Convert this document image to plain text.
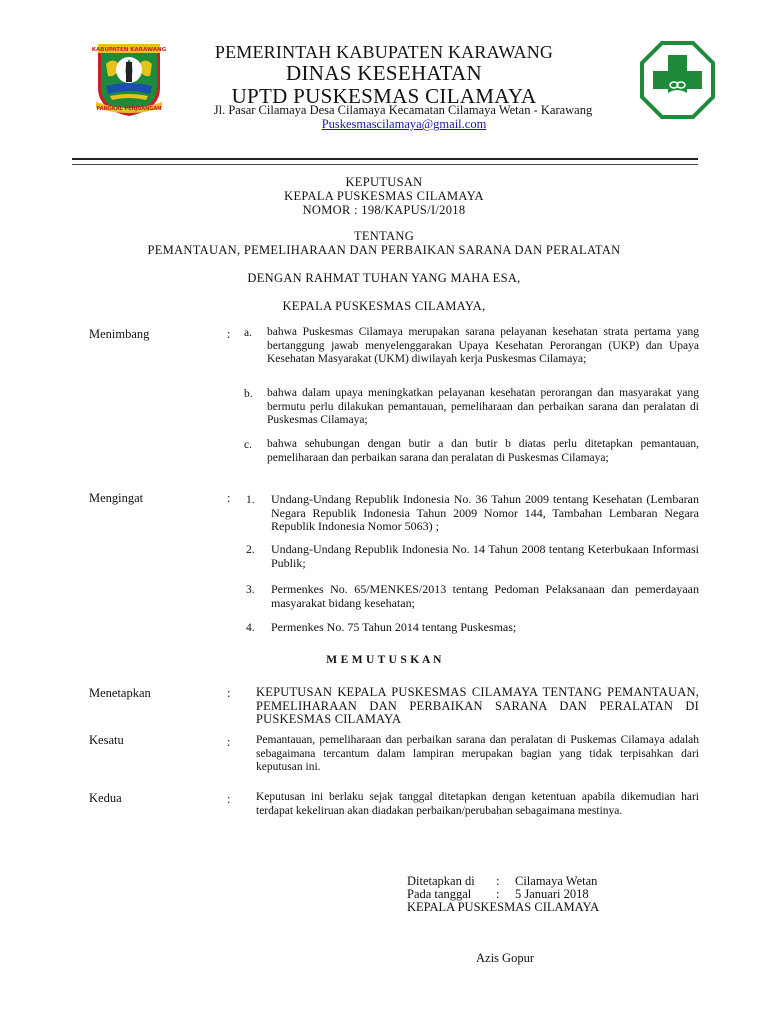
KABUPATEN KARAWANG
PANGKAL PERJUANGAN
PEMERINTAH KABUPATEN KARAWANG
DINAS KESEHATAN
UPTD PUSKESMAS CILAMAYA
Jl. Pasar Cilamaya Desa Cilamaya Kecamatan Cilamaya Wetan - Karawang
Puskesmascilamaya@gmail.com
KEPUTUSAN
KEPALA PUSKESMAS CILAMAYA
NOMOR : 198/KAPUS/I/2018
TENTANG
PEMANTAUAN, PEMELIHARAAN DAN PERBAIKAN SARANA DAN PERALATAN
DENGAN RAHMAT TUHAN YANG MAHA ESA,
KEPALA PUSKESMAS CILAMAYA,
Menimbang	: a. bahwa Puskesmas Cilamaya merupakan sarana pelayanan kesehatan strata pertama yang bertanggung jawab menyelenggarakan Upaya Kesehatan Perorangan (UKP) dan Upaya Kesehatan Masyarakat (UKM) diwilayah kerja Puskesmas Cilamaya;
b. bahwa dalam upaya meningkatkan pelayanan kesehatan perorangan dan masyarakat yang bermutu perlu dilakukan pemantauan, pemeliharaan dan perbaikan sarana dan peralatan di Puskesmas Cilamaya;
c. bahwa sehubungan dengan butir a dan butir b diatas perlu ditetapkan pemantauan, pemeliharaan dan perbaikan sarana dan peralatan di Puskesmas Cilamaya;
Mengingat	: 1. Undang-Undang Republik Indonesia No. 36 Tahun 2009 tentang Kesehatan (Lembaran Negara Republik Indonesia Tahun 2009 Nomor 144, Tambahan Lembaran Negara Republik Indonesia Nomor 5063) ;
2. Undang-Undang Republik Indonesia No. 14 Tahun 2008 tentang Keterbukaan Informasi Publik;
3. Permenkes No. 65/MENKES/2013 tentang Pedoman Pelaksanaan dan pemerdayaan masyarakat bidang kesehatan;
4. Permenkes No. 75 Tahun 2014 tentang Puskesmas;
M E M U T U S K A N
Menetapkan	: KEPUTUSAN KEPALA PUSKESMAS CILAMAYA TENTANG PEMANTAUAN, PEMELIHARAAN DAN PERBAIKAN SARANA DAN PERALATAN DI PUSKESMAS CILAMAYA
Kesatu	: Pemantauan, pemeliharaan dan perbaikan sarana dan peralatan di Puskemas Cilamaya adalah sebagaimana tercantum dalam lampiran merupakan bagian yang tidak terpisahkan dari keputusan ini.
Kedua	: Keputusan ini berlaku sejak tanggal ditetapkan dengan ketentuan apabila dikemudian hari terdapat kekeliruan akan diadakan perbaikan/perubahan sebagaimana mestinya.
Ditetapkan di : Cilamaya Wetan
Pada tanggal : 5 Januari 2018
KEPALA PUSKESMAS CILAMAYA
Azis Gopur
